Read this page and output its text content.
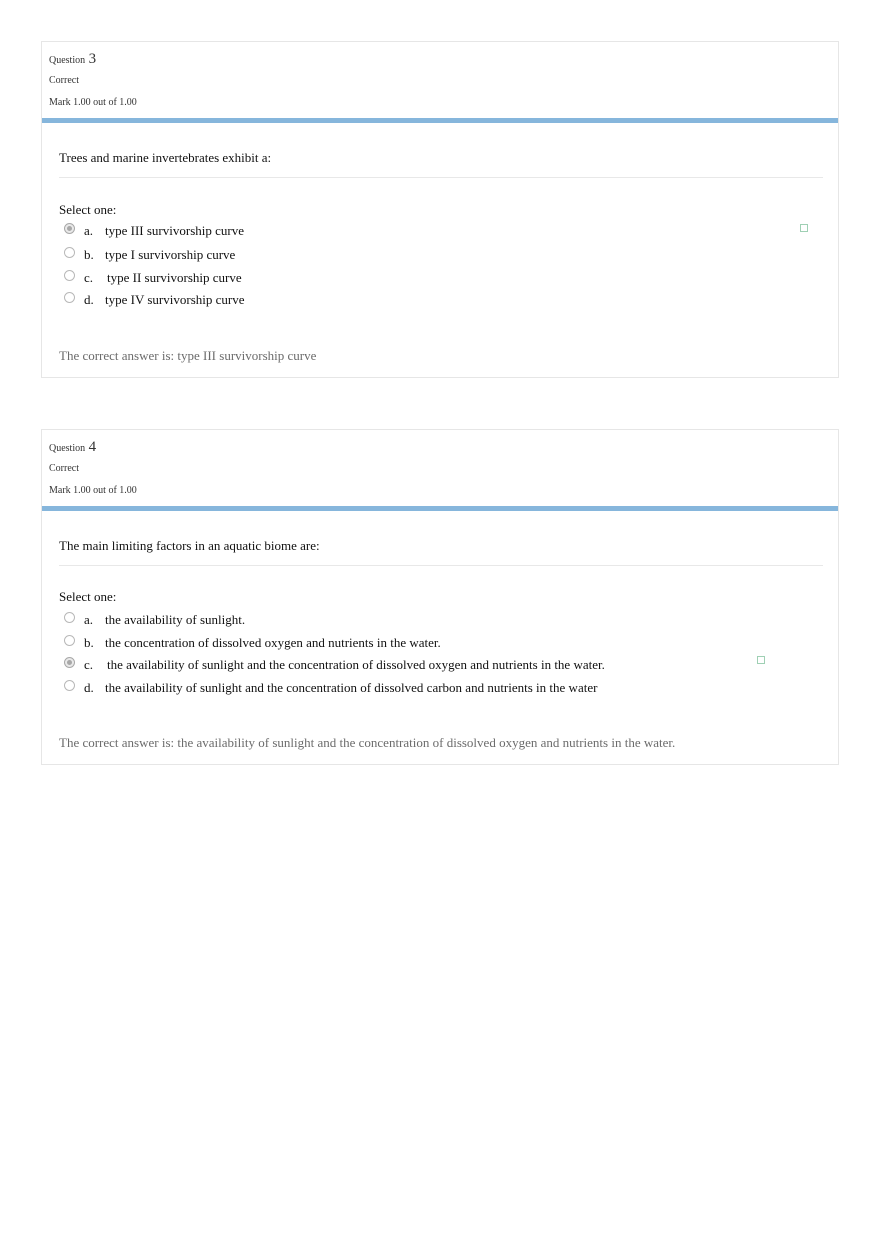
Question 3
Correct
Mark 1.00 out of 1.00
Trees and marine invertebrates exhibit a:
Select one:
a. type III survivorship curve
b. type I survivorship curve
c. type II survivorship curve
d. type IV survivorship curve
The correct answer is: type III survivorship curve
Question 4
Correct
Mark 1.00 out of 1.00
The main limiting factors in an aquatic biome are:
Select one:
a. the availability of sunlight.
b. the concentration of dissolved oxygen and nutrients in the water.
c. the availability of sunlight and the concentration of dissolved oxygen and nutrients in the water.
d. the availability of sunlight and the concentration of dissolved carbon and nutrients in the water
The correct answer is: the availability of sunlight and the concentration of dissolved oxygen and nutrients in the water.
